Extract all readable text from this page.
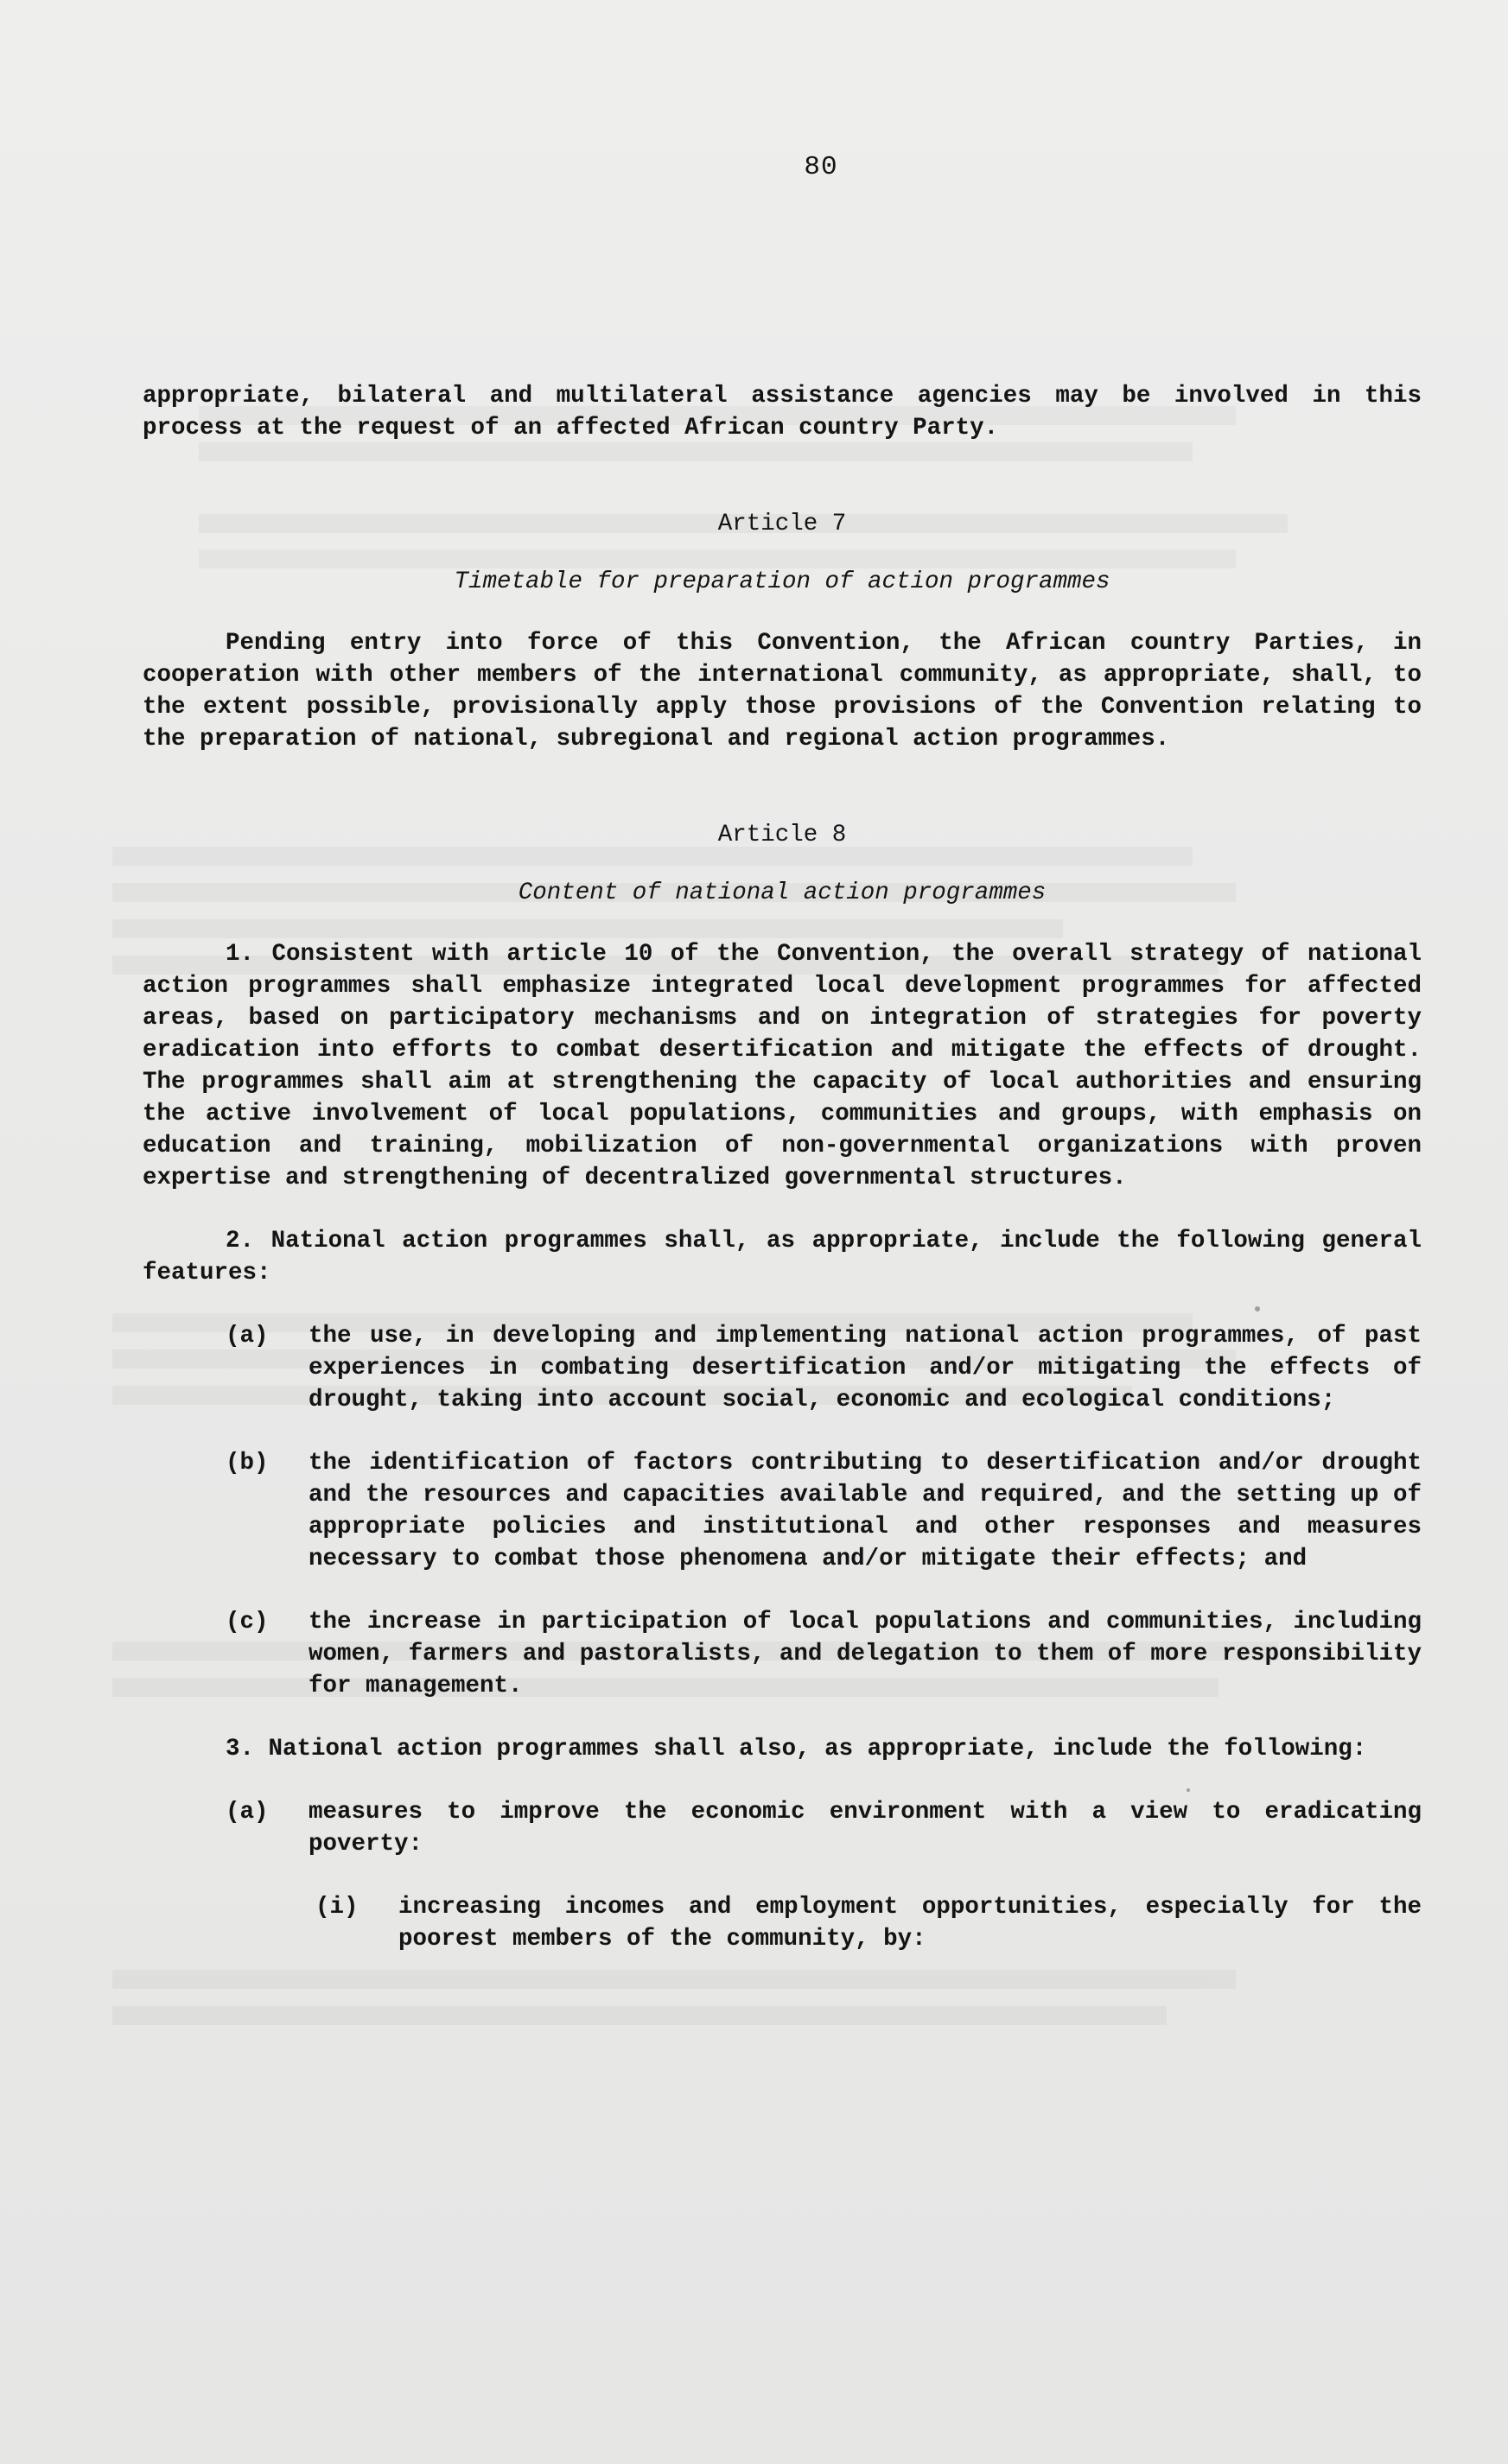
80

appropriate, bilateral and multilateral assistance agencies may be involved in this process at the request of an affected African country Party.

Article 7

Timetable for preparation of action programmes

Pending entry into force of this Convention, the African country Parties, in cooperation with other members of the international community, as appropriate, shall, to the extent possible, provisionally apply those provisions of the Convention relating to the preparation of national, subregional and regional action programmes.

Article 8

Content of national action programmes

1. Consistent with article 10 of the Convention, the overall strategy of national action programmes shall emphasize integrated local development programmes for affected areas, based on participatory mechanisms and on integration of strategies for poverty eradication into efforts to combat desertification and mitigate the effects of drought. The programmes shall aim at strengthening the capacity of local authorities and ensuring the active involvement of local populations, communities and groups, with emphasis on education and training, mobilization of non-governmental organizations with proven expertise and strengthening of decentralized governmental structures.

2. National action programmes shall, as appropriate, include the following general features:

(a)	the use, in developing and implementing national action programmes, of past experiences in combating desertification and/or mitigating the effects of drought, taking into account social, economic and ecological conditions;
(b)	the identification of factors contributing to desertification and/or drought and the resources and capacities available and required, and the setting up of appropriate policies and institutional and other responses and measures necessary to combat those phenomena and/or mitigate their effects; and
(c)	the increase in participation of local populations and communities, including women, farmers and pastoralists, and delegation to them of more responsibility for management.

3. National action programmes shall also, as appropriate, include the following:

(a)	measures to improve the economic environment with a view to eradicating poverty:
(i)	increasing incomes and employment opportunities, especially for the poorest members of the community, by:
